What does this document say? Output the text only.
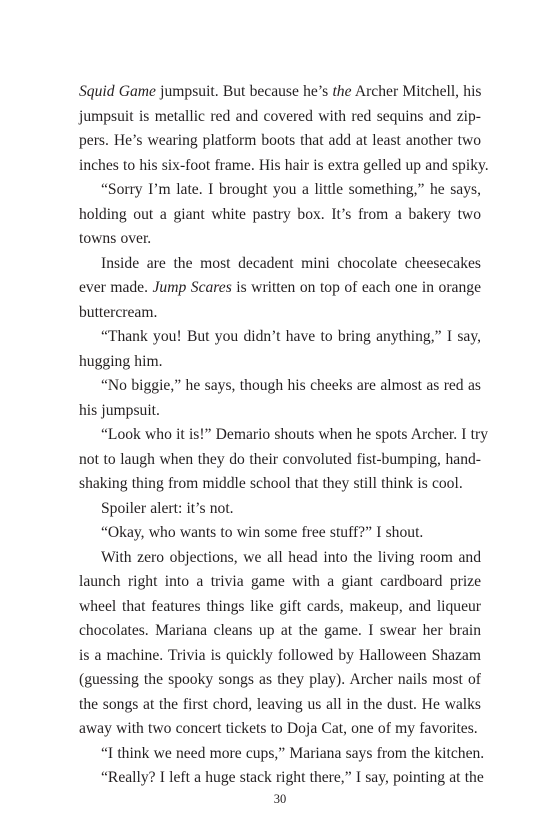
Squid Game jumpsuit. But because he’s the Archer Mitchell, his
jumpsuit is metallic red and covered with red sequins and zip-
pers. He’s wearing platform boots that add at least another two
inches to his six-foot frame. His hair is extra gelled up and spiky.
“Sorry I’m late. I brought you a little something,” he says,
holding out a giant white pastry box. It’s from a bakery two
towns over.
Inside are the most decadent mini chocolate cheesecakes
ever made. Jump Scares is written on top of each one in orange
buttercream.
“Thank you! But you didn’t have to bring anything,” I say,
hugging him.
“No biggie,” he says, though his cheeks are almost as red as
his jumpsuit.
“Look who it is!” Demario shouts when he spots Archer. I try
not to laugh when they do their convoluted fist-bumping, hand-
shaking thing from middle school that they still think is cool.
Spoiler alert: it’s not.
“Okay, who wants to win some free stuff?” I shout.
With zero objections, we all head into the living room and
launch right into a trivia game with a giant cardboard prize
wheel that features things like gift cards, makeup, and liqueur
chocolates. Mariana cleans up at the game. I swear her brain
is a machine. Trivia is quickly followed by Halloween Shazam
(guessing the spooky songs as they play). Archer nails most of
the songs at the first chord, leaving us all in the dust. He walks
away with two concert tickets to Doja Cat, one of my favorites.
“I think we need more cups,” Mariana says from the kitchen.
“Really? I left a huge stack right there,” I say, pointing at the
30
